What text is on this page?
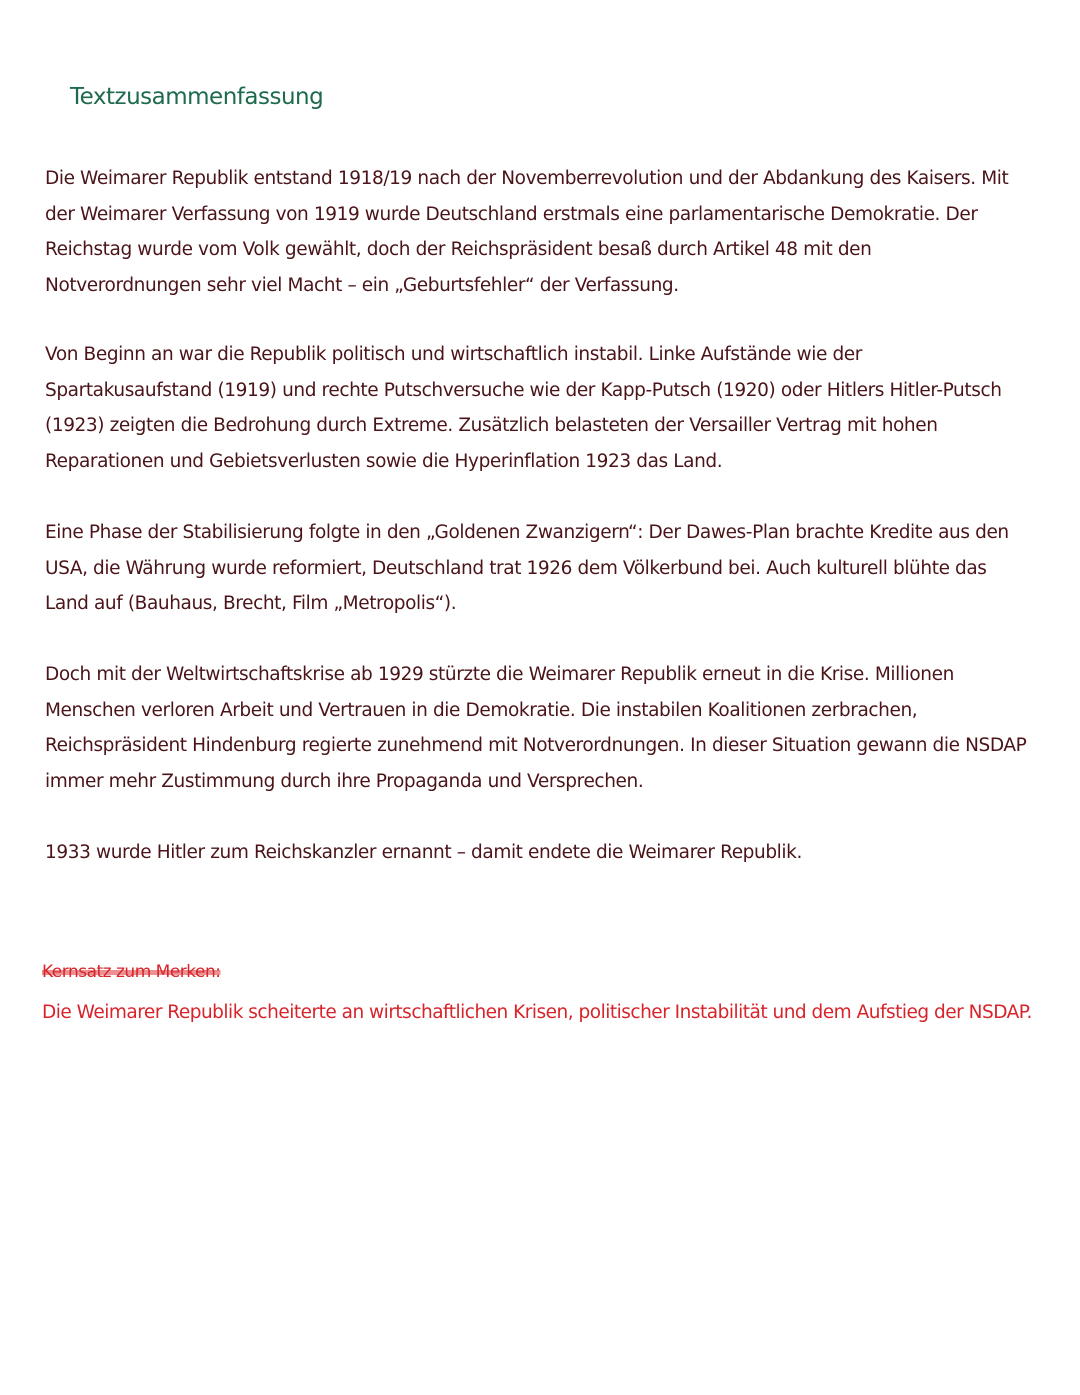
Textzusammenfassung
Die Weimarer Republik entstand 1918/19 nach der Novemberrevolution und der Abdankung des Kaisers. Mit
der Weimarer Verfassung von 1919 wurde Deutschland erstmals eine parlamentarische Demokratie. Der
Reichstag wurde vom Volk gewählt, doch der Reichspräsident besaß durch Artikel 48 mit den
Notverordnungen sehr viel Macht – ein „Geburtsfehler“ der Verfassung.
Von Beginn an war die Republik politisch und wirtschaftlich instabil. Linke Aufstände wie der
Spartakusaufstand (1919) und rechte Putschversuche wie der Kapp-Putsch (1920) oder Hitlers Hitler-Putsch
(1923) zeigten die Bedrohung durch Extreme. Zusätzlich belasteten der Versailler Vertrag mit hohen
Reparationen und Gebietsverlusten sowie die Hyperinflation 1923 das Land.
Eine Phase der Stabilisierung folgte in den „Goldenen Zwanzigern“: Der Dawes-Plan brachte Kredite aus den
USA, die Währung wurde reformiert, Deutschland trat 1926 dem Völkerbund bei. Auch kulturell blühte das
Land auf (Bauhaus, Brecht, Film „Metropolis“).
Doch mit der Weltwirtschaftskrise ab 1929 stürzte die Weimarer Republik erneut in die Krise. Millionen
Menschen verloren Arbeit und Vertrauen in die Demokratie. Die instabilen Koalitionen zerbrachen,
Reichspräsident Hindenburg regierte zunehmend mit Notverordnungen. In dieser Situation gewann die NSDAP
immer mehr Zustimmung durch ihre Propaganda und Versprechen.
1933 wurde Hitler zum Reichskanzler ernannt – damit endete die Weimarer Republik.
Kernsatz zum Merken:
Die Weimarer Republik scheiterte an wirtschaftlichen Krisen, politischer Instabilität und dem Aufstieg der NSDAP.
